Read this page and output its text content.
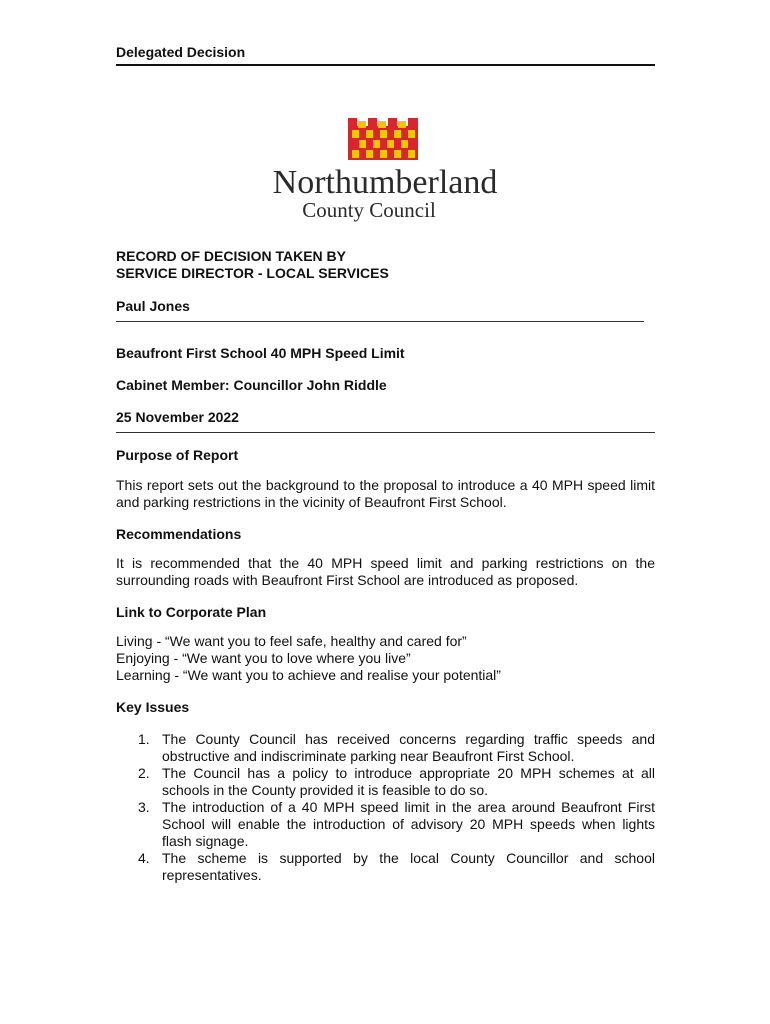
Delegated Decision
Northumberland
County Council
RECORD OF DECISION TAKEN BY
SERVICE DIRECTOR - LOCAL SERVICES
Paul Jones
Beaufront First School 40 MPH Speed Limit
Cabinet Member: Councillor John Riddle
25 November 2022
Purpose of Report

This report sets out the background to the proposal to introduce a 40 MPH speed limit and parking restrictions in the vicinity of Beaufront First School.

Recommendations

It is recommended that the 40 MPH speed limit and parking restrictions on the surrounding roads with Beaufront First School are introduced as proposed.

Link to Corporate Plan
Living - “We want you to feel safe, healthy and cared for”
Enjoying - “We want you to love where you live”
Learning - “We want you to achieve and realise your potential”
Key Issues
1. The County Council has received concerns regarding traffic speeds and obstructive and indiscriminate parking near Beaufront First School.
2. The Council has a policy to introduce appropriate 20 MPH schemes at all schools in the County provided it is feasible to do so.
3. The introduction of a 40 MPH speed limit in the area around Beaufront First School will enable the introduction of advisory 20 MPH speeds when lights flash signage.
4. The scheme is supported by the local County Councillor and school representatives.
